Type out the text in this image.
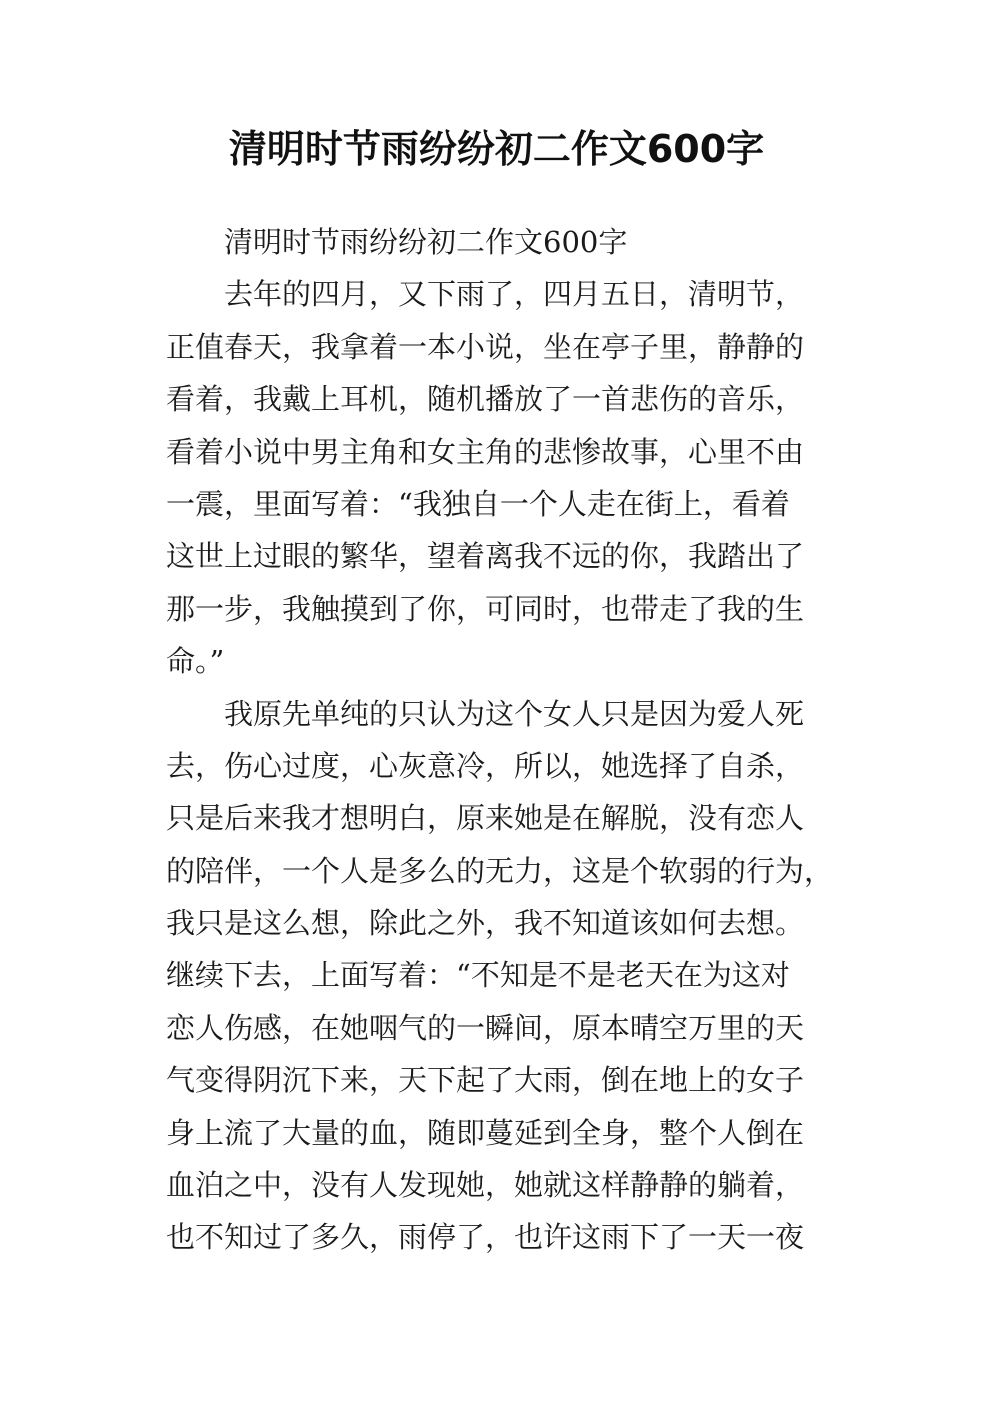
清明时节雨纷纷初二作文600字
清明时节雨纷纷初二作文600字
去年的四月，又下雨了，四月五日，清明节，
正值春天，我拿着一本小说，坐在亭子里，静静的
看着，我戴上耳机，随机播放了一首悲伤的音乐，
看着小说中男主角和女主角的悲惨故事，心里不由
一震，里面写着：“我独自一个人走在街上，看着
这世上过眼的繁华，望着离我不远的你，我踏出了
那一步，我触摸到了你，可同时，也带走了我的生
命。”
我原先单纯的只认为这个女人只是因为爱人死
去，伤心过度，心灰意冷，所以，她选择了自杀，
只是后来我才想明白，原来她是在解脱，没有恋人
的陪伴，一个人是多么的无力，这是个软弱的行为，
我只是这么想，除此之外，我不知道该如何去想。
继续下去，上面写着：“不知是不是老天在为这对
恋人伤感，在她咽气的一瞬间，原本晴空万里的天
气变得阴沉下来，天下起了大雨，倒在地上的女子
身上流了大量的血，随即蔓延到全身，整个人倒在
血泊之中，没有人发现她，她就这样静静的躺着，
也不知过了多久，雨停了，也许这雨下了一天一夜
